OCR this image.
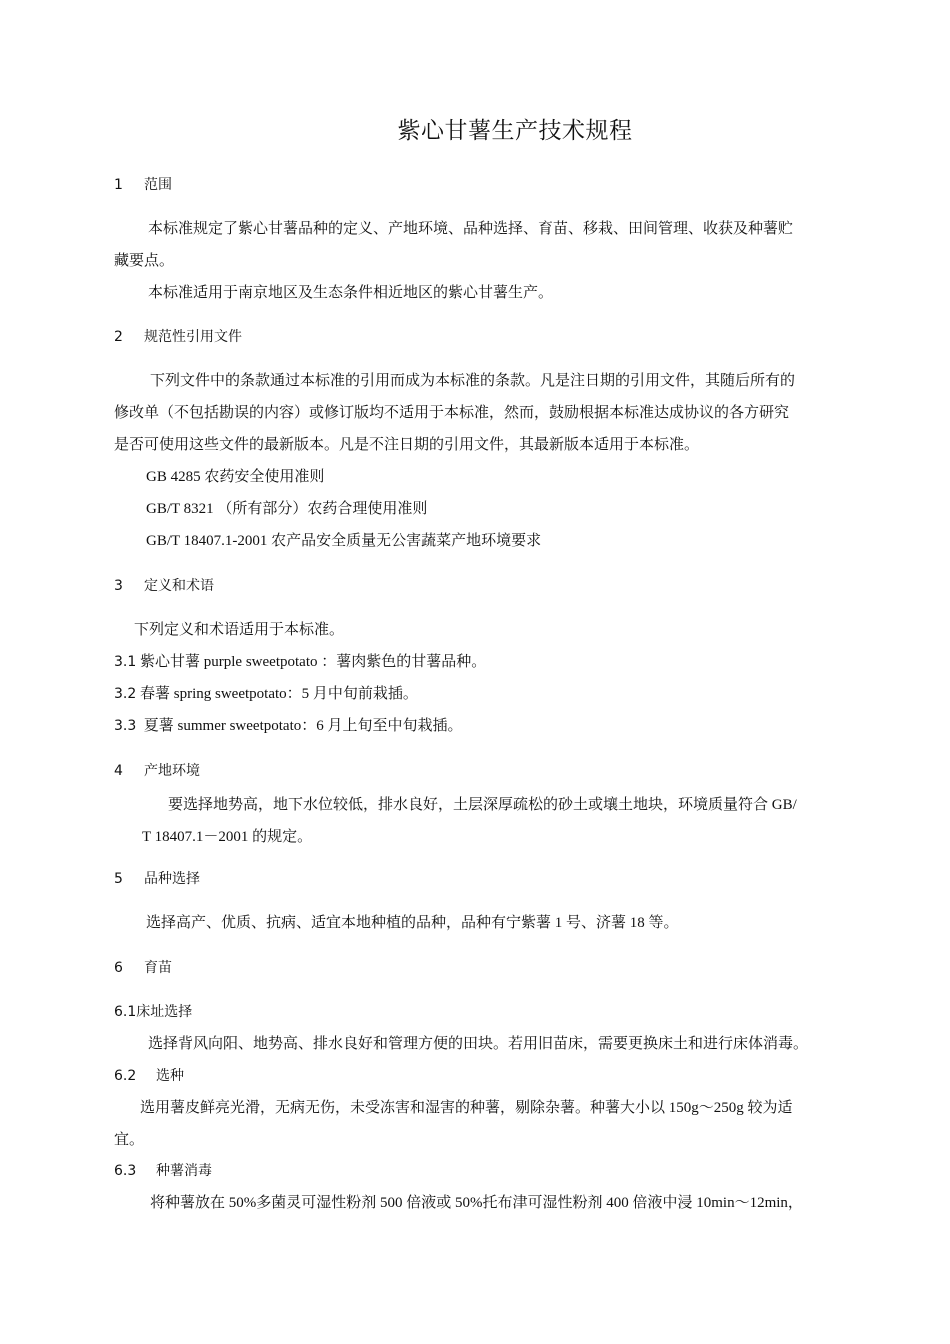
紫心甘薯生产技术规程
1 范围
本标准规定了紫心甘薯品种的定义、产地环境、品种选择、育苗、移栽、田间管理、收获及种薯贮
藏要点。
本标准适用于南京地区及生态条件相近地区的紫心甘薯生产。
2 规范性引用文件
下列文件中的条款通过本标准的引用而成为本标准的条款。凡是注日期的引用文件，其随后所有的
修改单（不包括勘误的内容）或修订版均不适用于本标准，然而，鼓励根据本标准达成协议的各方研究
是否可使用这些文件的最新版本。凡是不注日期的引用文件，其最新版本适用于本标准。
GB 4285 农药安全使用准则
GB/T 8321 （所有部分）农药合理使用准则
GB/T 18407.1-2001 农产品安全质量无公害蔬菜产地环境要求
3 定义和术语
下列定义和术语适用于本标准。
3.1 紫心甘薯 purple sweetpotato ：薯肉紫色的甘薯品种。
3.2 春薯 spring sweetpotato：5 月中旬前栽插。
3.3 夏薯 summer sweetpotato：6 月上旬至中旬栽插。
4 产地环境
要选择地势高，地下水位较低，排水良好，土层深厚疏松的砂土或壤土地块，环境质量符合 GB/
T 18407.1－2001 的规定。
5 品种选择
选择高产、优质、抗病、适宜本地种植的品种，品种有宁紫薯 1 号、济薯 18 等。
6 育苗
6.1床址选择
选择背风向阳、地势高、排水良好和管理方便的田块。若用旧苗床，需要更换床土和进行床体消毒。
6.2 选种
选用薯皮鲜亮光滑，无病无伤，未受冻害和湿害的种薯，剔除杂薯。种薯大小以 150g～250g 较为适
宜。
6.3 种薯消毒
将种薯放在 50%多菌灵可湿性粉剂 500 倍液或 50%托布津可湿性粉剂 400 倍液中浸 10min～12min，
